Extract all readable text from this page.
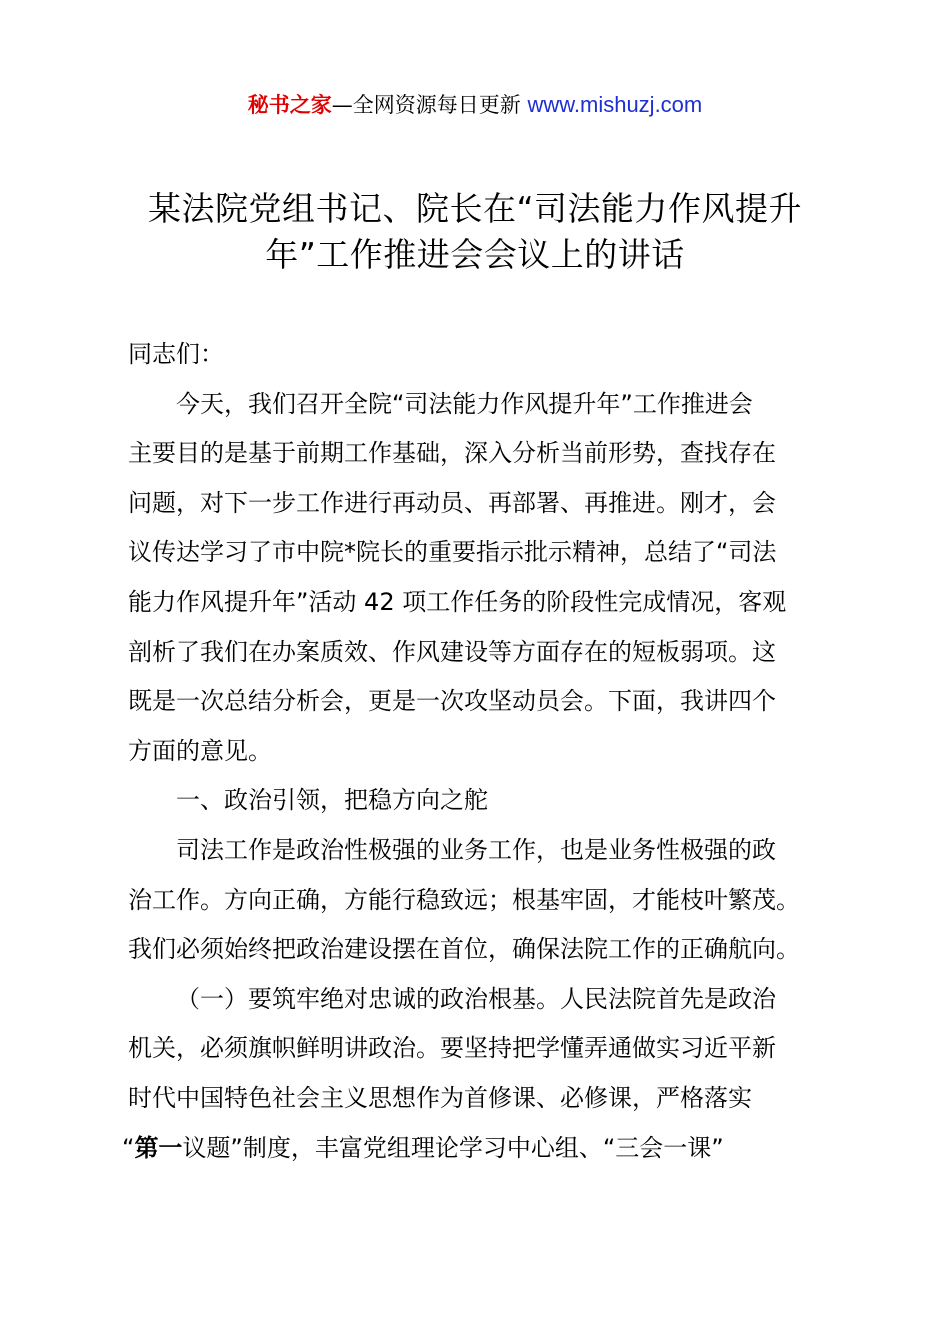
秘书之家—全网资源每日更新 www.mishuzj.com
某法院党组书记、院长在“司法能力作风提升
年”工作推进会会议上的讲话
同志们：
今天，我们召开全院“司法能力作风提升年”工作推进会
主要目的是基于前期工作基础，深入分析当前形势，查找存在
问题，对下一步工作进行再动员、再部署、再推进。刚才，会
议传达学习了市中院*院长的重要指示批示精神，总结了“司法
能力作风提升年”活动 42 项工作任务的阶段性完成情况，客观
剖析了我们在办案质效、作风建设等方面存在的短板弱项。这
既是一次总结分析会，更是一次攻坚动员会。下面，我讲四个
方面的意见。
一、政治引领，把稳方向之舵
司法工作是政治性极强的业务工作，也是业务性极强的政
治工作。方向正确，方能行稳致远；根基牢固，才能枝叶繁茂。
我们必须始终把政治建设摆在首位，确保法院工作的正确航向。
（一）要筑牢绝对忠诚的政治根基。人民法院首先是政治
机关，必须旗帜鲜明讲政治。要坚持把学懂弄通做实习近平新
时代中国特色社会主义思想作为首修课、必修课，严格落实
“第一议题”制度，丰富党组理论学习中心组、“三会一课”
